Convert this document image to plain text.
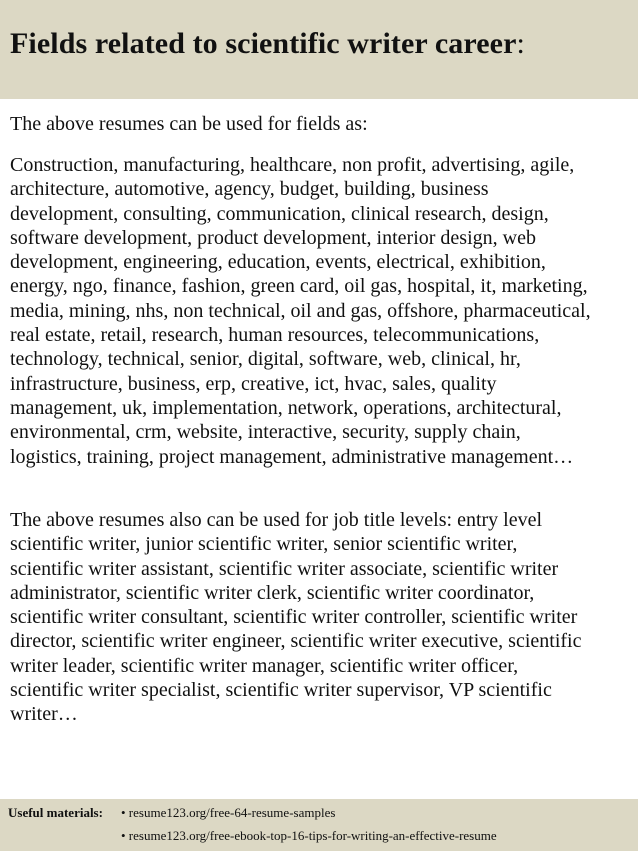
Fields related to scientific writer career:
The above resumes can be used for fields as:
Construction, manufacturing, healthcare, non profit, advertising, agile,
architecture, automotive, agency, budget, building, business
development, consulting, communication, clinical research, design,
software development, product development, interior design, web
development, engineering, education, events, electrical, exhibition,
energy, ngo, finance, fashion, green card, oil gas, hospital, it, marketing,
media, mining, nhs, non technical, oil and gas, offshore, pharmaceutical,
real estate, retail, research, human resources, telecommunications,
technology, technical, senior, digital, software, web, clinical, hr,
infrastructure, business, erp, creative, ict, hvac, sales, quality
management, uk, implementation, network, operations, architectural,
environmental, crm, website, interactive, security, supply chain,
logistics, training, project management, administrative management…
The above resumes also can be used for job title levels: entry level
scientific writer, junior scientific writer, senior scientific writer,
scientific writer assistant, scientific writer associate, scientific writer
administrator, scientific writer clerk, scientific writer coordinator,
scientific writer consultant, scientific writer controller, scientific writer
director, scientific writer engineer, scientific writer executive, scientific
writer leader, scientific writer manager, scientific writer officer,
scientific writer specialist, scientific writer supervisor, VP scientific
writer…
Useful materials: • resume123.org/free-64-resume-samples
• resume123.org/free-ebook-top-16-tips-for-writing-an-effective-resume
